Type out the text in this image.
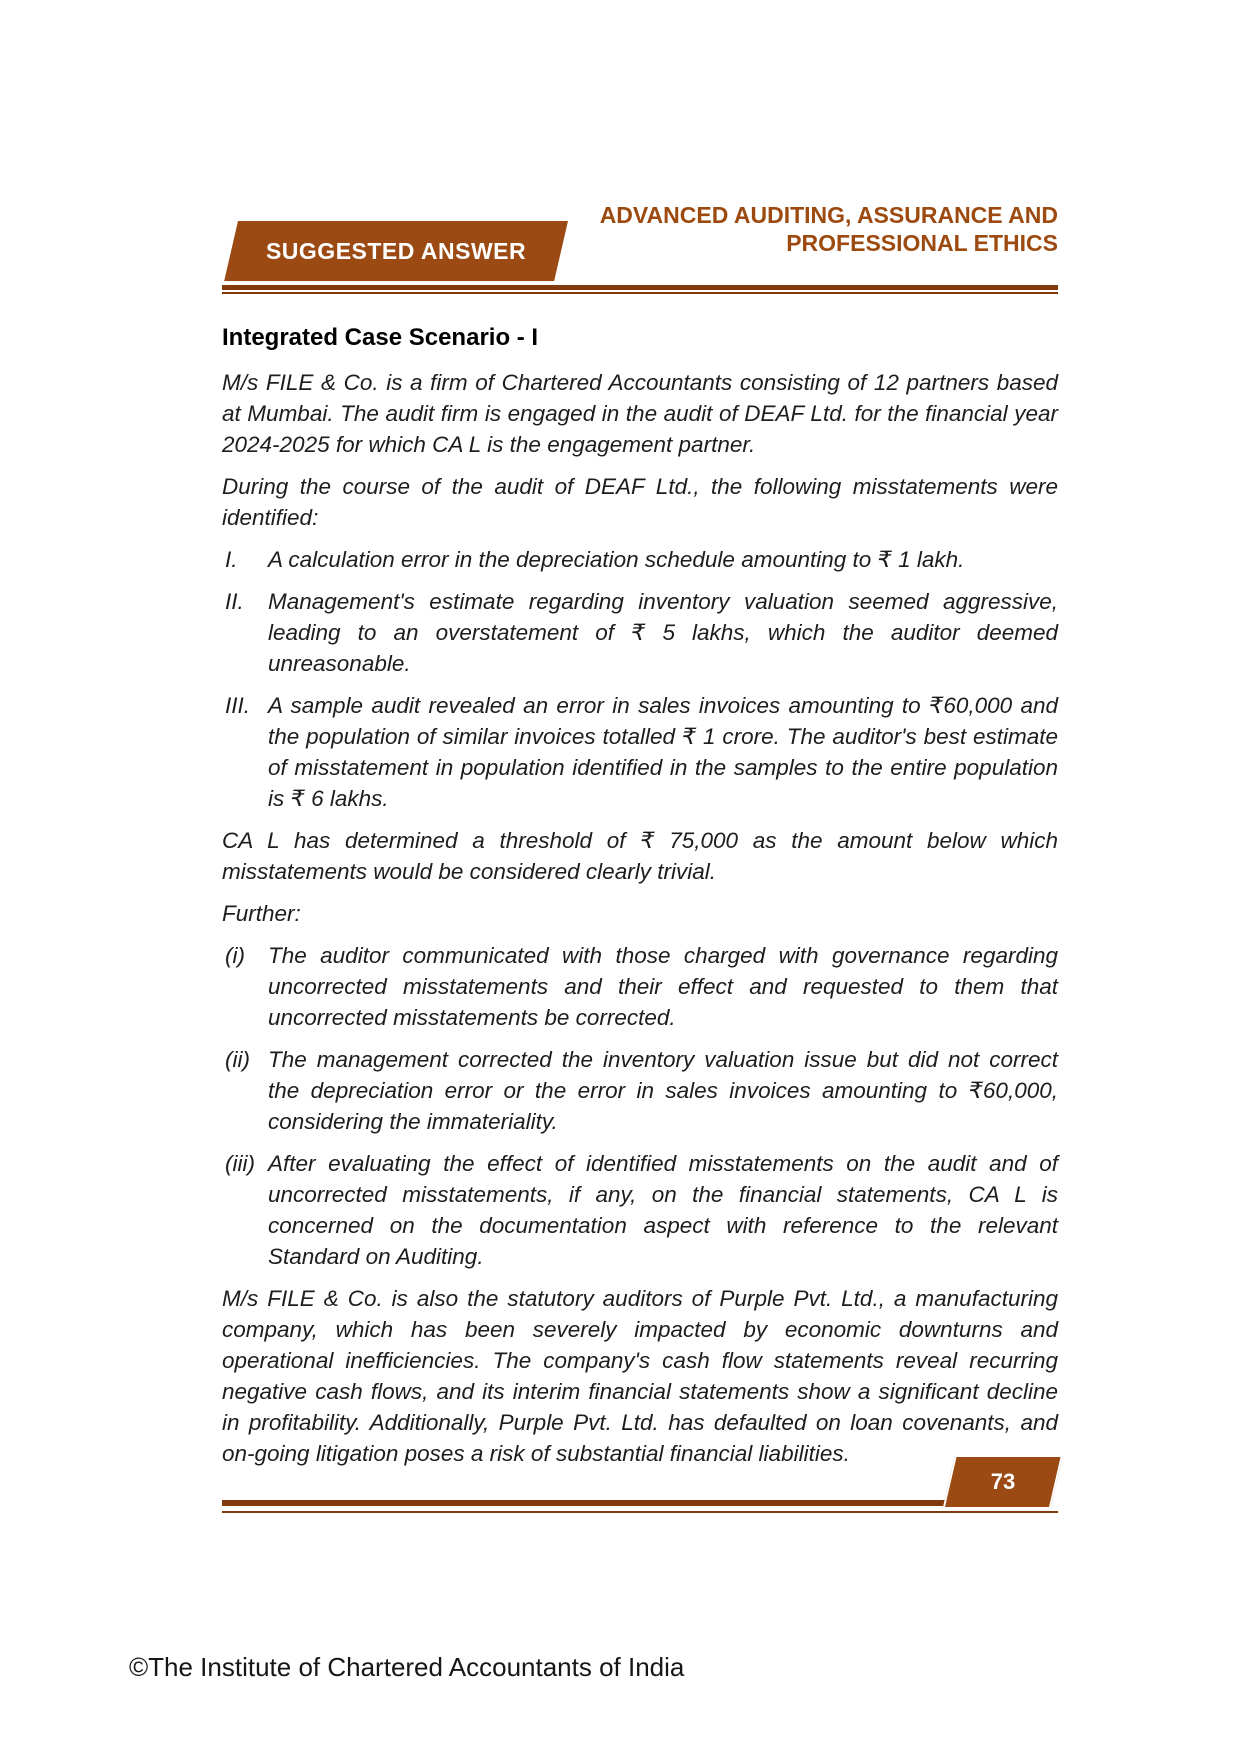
SUGGESTED ANSWER
ADVANCED AUDITING, ASSURANCE AND
PROFESSIONAL ETHICS
Integrated Case Scenario - I
M/s FILE & Co. is a firm of Chartered Accountants consisting of 12 partners based at Mumbai. The audit firm is engaged in the audit of DEAF Ltd. for the financial year 2024-2025 for which CA L is the engagement partner.
During the course of the audit of DEAF Ltd., the following misstatements were identified:
I. A calculation error in the depreciation schedule amounting to ₹ 1 lakh.
II. Management's estimate regarding inventory valuation seemed aggressive, leading to an overstatement of ₹ 5 lakhs, which the auditor deemed unreasonable.
III. A sample audit revealed an error in sales invoices amounting to ₹60,000 and the population of similar invoices totalled ₹ 1 crore. The auditor's best estimate of misstatement in population identified in the samples to the entire population is ₹ 6 lakhs.
CA L has determined a threshold of ₹ 75,000 as the amount below which misstatements would be considered clearly trivial.
Further:
(i) The auditor communicated with those charged with governance regarding uncorrected misstatements and their effect and requested to them that uncorrected misstatements be corrected.
(ii) The management corrected the inventory valuation issue but did not correct the depreciation error or the error in sales invoices amounting to ₹60,000, considering the immateriality.
(iii) After evaluating the effect of identified misstatements on the audit and of uncorrected misstatements, if any, on the financial statements, CA L is concerned on the documentation aspect with reference to the relevant Standard on Auditing.
M/s FILE & Co. is also the statutory auditors of Purple Pvt. Ltd., a manufacturing company, which has been severely impacted by economic downturns and operational inefficiencies. The company's cash flow statements reveal recurring negative cash flows, and its interim financial statements show a significant decline in profitability. Additionally, Purple Pvt. Ltd. has defaulted on loan covenants, and on-going litigation poses a risk of substantial financial liabilities.
73
©The Institute of Chartered Accountants of India
